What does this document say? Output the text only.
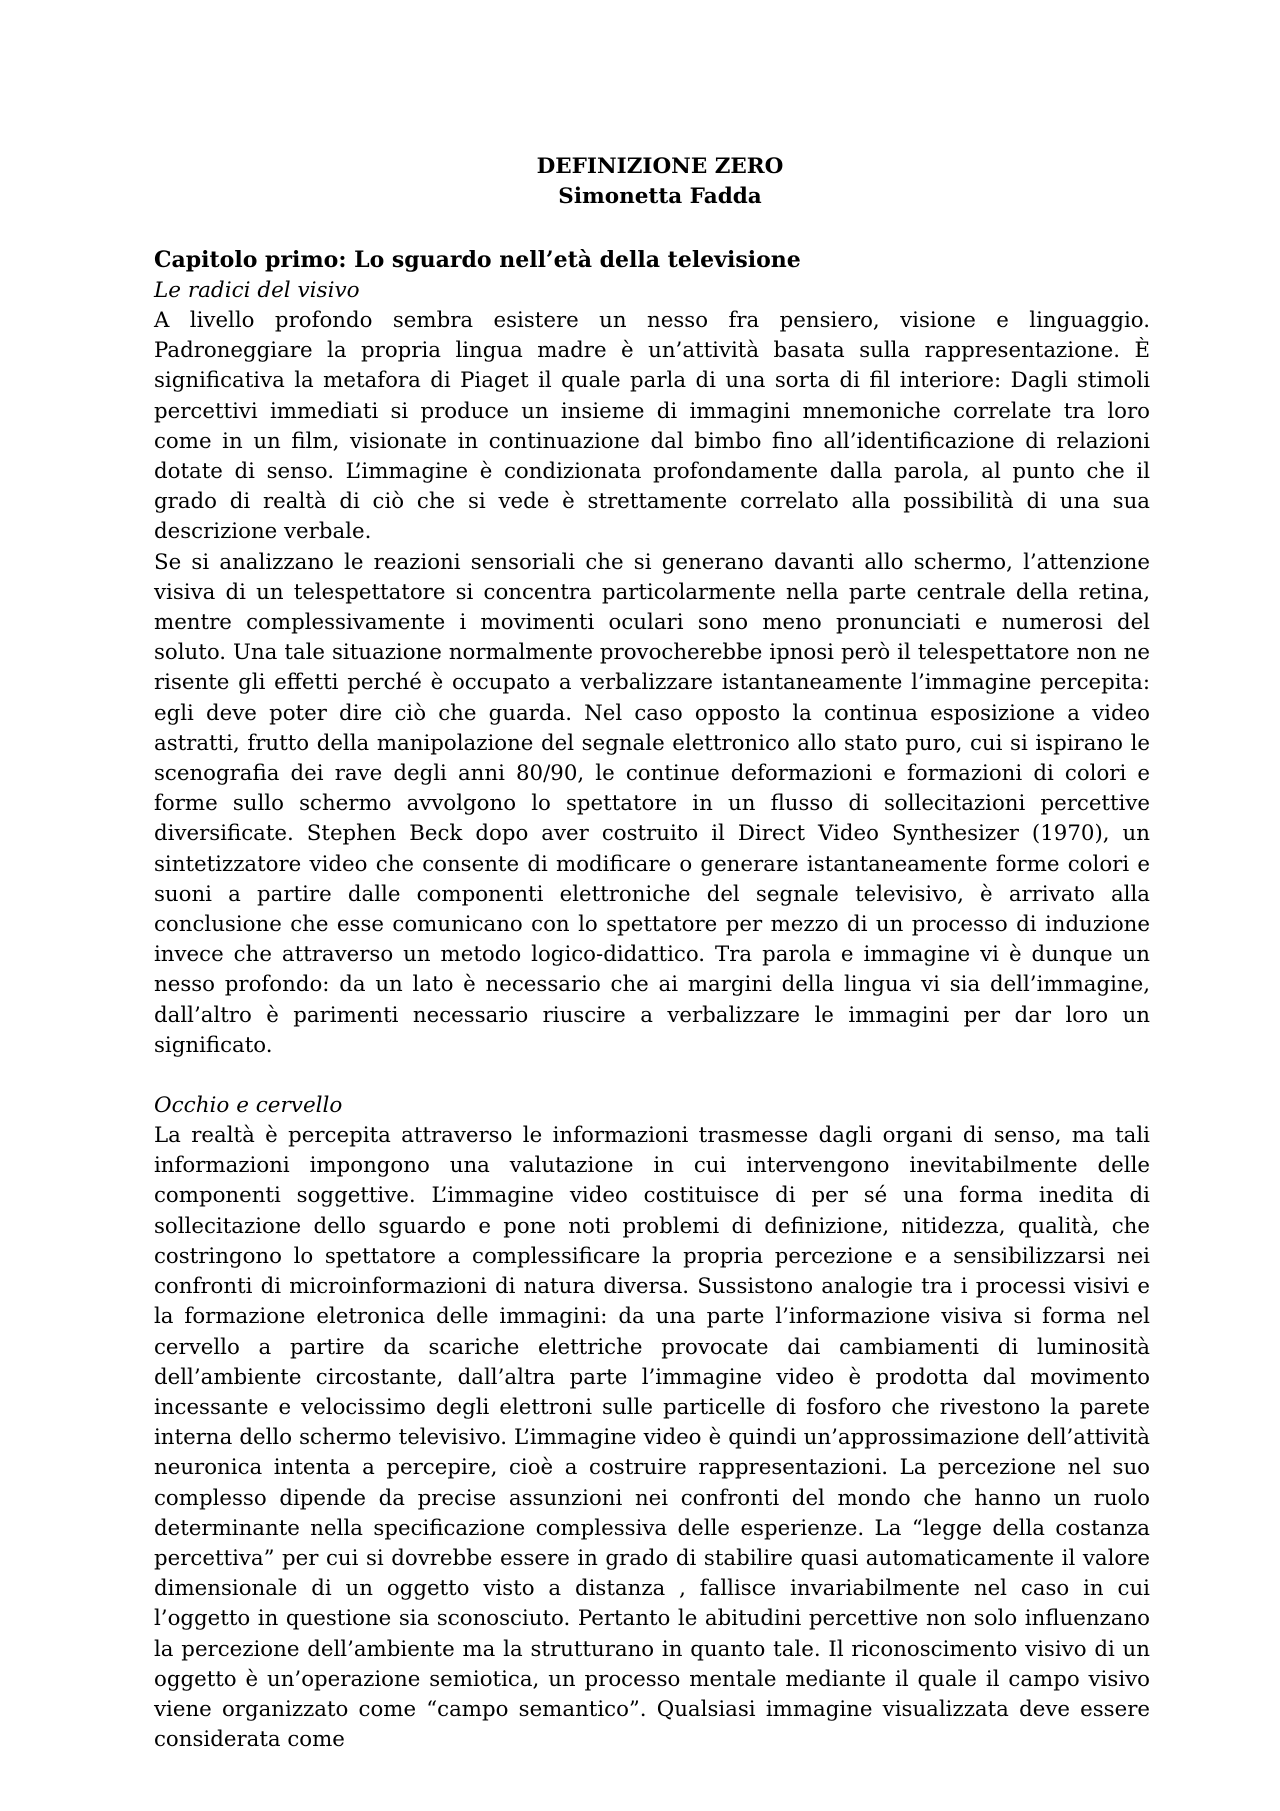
DEFINIZIONE ZERO
Simonetta Fadda
Capitolo primo: Lo sguardo nell’età della televisione
Le radici del visivo

A livello profondo sembra esistere un nesso fra pensiero, visione e linguaggio. Padroneggiare la propria lingua madre è un’attività basata sulla rappresentazione. È significativa la metafora di Piaget il quale parla di una sorta di fil interiore: Dagli stimoli percettivi immediati si produce un insieme di immagini mnemoniche correlate tra loro come in un film, visionate in continuazione dal bimbo fino all’identificazione di relazioni dotate di senso. L’immagine è condizionata profondamente dalla parola, al punto che il grado di realtà di ciò che si vede è strettamente correlato alla possibilità di una sua descrizione verbale.

Se si analizzano le reazioni sensoriali che si generano davanti allo schermo, l’attenzione visiva di un telespettatore si concentra particolarmente nella parte centrale della retina, mentre complessivamente i movimenti oculari sono meno pronunciati e numerosi del soluto. Una tale situazione normalmente provocherebbe ipnosi però il telespettatore non ne risente gli effetti perché è occupato a verbalizzare istantaneamente l’immagine percepita: egli deve poter dire ciò che guarda. Nel caso opposto la continua esposizione a video astratti, frutto della manipolazione del segnale elettronico allo stato puro, cui si ispirano le scenografia dei rave degli anni 80/90, le continue deformazioni e formazioni di colori e forme sullo schermo avvolgono lo spettatore in un flusso di sollecitazioni percettive diversificate. Stephen Beck dopo aver costruito il Direct Video Synthesizer (1970), un sintetizzatore video che consente di modificare o generare istantaneamente forme colori e suoni a partire dalle componenti elettroniche del segnale televisivo, è arrivato alla conclusione che esse comunicano con lo spettatore per mezzo di un processo di induzione invece che attraverso un metodo logico-didattico. Tra parola e immagine vi è dunque un nesso profondo: da un lato è necessario che ai margini della lingua vi sia dell’immagine, dall’altro è parimenti necessario riuscire a verbalizzare le immagini per dar loro un significato.

Occhio e cervello

La realtà è percepita attraverso le informazioni trasmesse dagli organi di senso, ma tali informazioni impongono una valutazione in cui intervengono inevitabilmente delle componenti soggettive. L’immagine video costituisce di per sé una forma inedita di sollecitazione dello sguardo e pone noti problemi di definizione, nitidezza, qualità, che costringono lo spettatore a complessificare la propria percezione e a sensibilizzarsi nei confronti di microinformazioni di natura diversa. Sussistono analogie tra i processi visivi e la formazione eletronica delle immagini: da una parte l’informazione visiva si forma nel cervello a partire da scariche elettriche provocate dai cambiamenti di luminosità dell’ambiente circostante, dall’altra parte l’immagine video è prodotta dal movimento incessante e velocissimo degli elettroni sulle particelle di fosforo che rivestono la parete interna dello schermo televisivo. L’immagine video è quindi un’approssimazione dell’attività neuronica intenta a percepire, cioè a costruire rappresentazioni. La percezione nel suo complesso dipende da precise assunzioni nei confronti del mondo che hanno un ruolo determinante nella specificazione complessiva delle esperienze. La “legge della costanza percettiva” per cui si dovrebbe essere in grado di stabilire quasi automaticamente il valore dimensionale di un oggetto visto a distanza , fallisce invariabilmente nel caso in cui l’oggetto in questione sia sconosciuto. Pertanto le abitudini percettive non solo influenzano la percezione dell’ambiente ma la strutturano in quanto tale. Il riconoscimento visivo di un oggetto è un’operazione semiotica, un processo mentale mediante il quale il campo visivo viene organizzato come “campo semantico”. Qualsiasi immagine visualizzata deve essere considerata come
